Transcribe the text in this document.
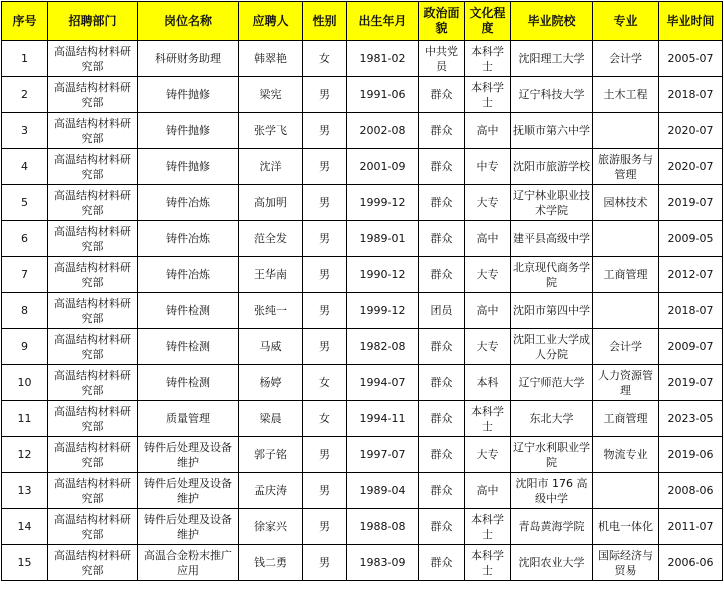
序号	招聘部门	岗位名称	应聘人	性别	出生年月	政治面貌	文化程度	毕业院校	专业	毕业时间
1	高温结构材料研究部	科研财务助理	韩翠艳	女	1981-02	中共党员	本科学士	沈阳理工大学	会计学	2005-07
2	高温结构材料研究部	铸件抛修	梁宪	男	1991-06	群众	本科学士	辽宁科技大学	土木工程	2018-07
3	高温结构材料研究部	铸件抛修	张学飞	男	2002-08	群众	高中	抚顺市第六中学		2020-07
4	高温结构材料研究部	铸件抛修	沈洋	男	2001-09	群众	中专	沈阳市旅游学校	旅游服务与管理	2020-07
5	高温结构材料研究部	铸件冶炼	高加明	男	1999-12	群众	大专	辽宁林业职业技术学院	园林技术	2019-07
6	高温结构材料研究部	铸件冶炼	范全发	男	1989-01	群众	高中	建平县高级中学		2009-05
7	高温结构材料研究部	铸件冶炼	王华南	男	1990-12	群众	大专	北京现代商务学院	工商管理	2012-07
8	高温结构材料研究部	铸件检测	张纯一	男	1999-12	团员	高中	沈阳市第四中学		2018-07
9	高温结构材料研究部	铸件检测	马威	男	1982-08	群众	大专	沈阳工业大学成人分院	会计学	2009-07
10	高温结构材料研究部	铸件检测	杨婷	女	1994-07	群众	本科	辽宁师范大学	人力资源管理	2019-07
11	高温结构材料研究部	质量管理	梁晨	女	1994-11	群众	本科学士	东北大学	工商管理	2023-05
12	高温结构材料研究部	铸件后处理及设备维护	郭子铭	男	1997-07	群众	大专	辽宁水利职业学院	物流专业	2019-06
13	高温结构材料研究部	铸件后处理及设备维护	孟庆涛	男	1989-04	群众	高中	沈阳市 176 高级中学		2008-06
14	高温结构材料研究部	铸件后处理及设备维护	徐家兴	男	1988-08	群众	本科学士	青岛黄海学院	机电一体化	2011-07
15	高温结构材料研究部	高温合金粉末推广应用	钱二勇	男	1983-09	群众	本科学士	沈阳农业大学	国际经济与贸易	2006-06
